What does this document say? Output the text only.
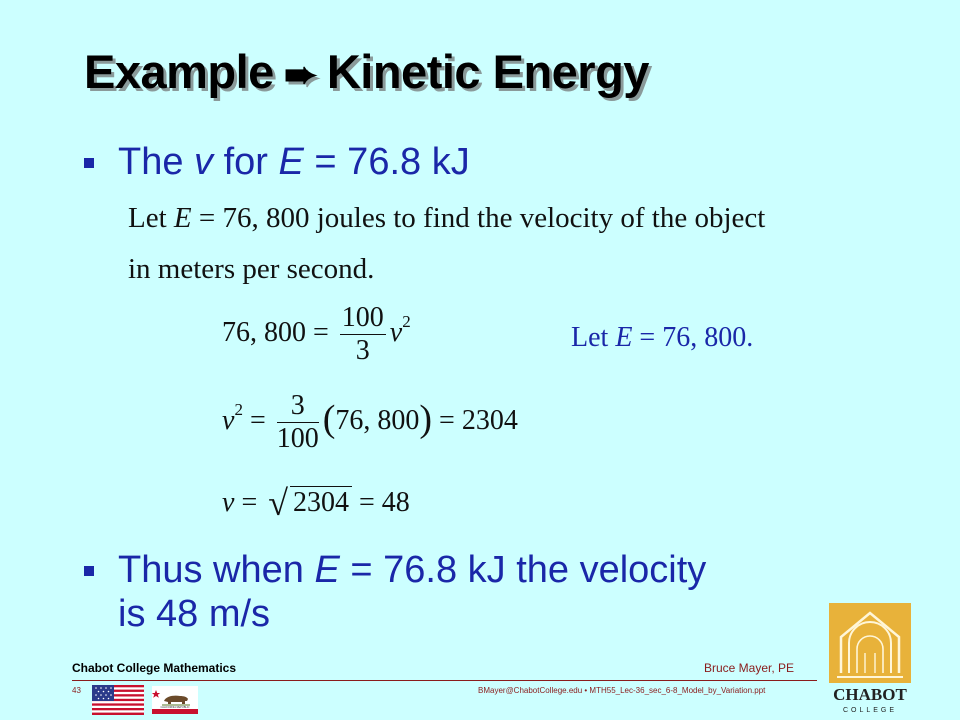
Example ➨ Kinetic Energy
The v for E = 76.8 kJ
Let E = 76, 800 joules to find the velocity of the object
in meters per second.
76, $800 = \frac{100}{3} v^2$
Let E = 76, 800.
$v^2 = \frac{3}{100} (76$, 800) = 2304
v = √ 2304 = 48
Thus when E = 76.8 kJ the velocity
is 48 m/s
Chabot College Mathematics	Bruce Mayer, PE
43	BMayer@ChabotCollege.edu • MTH55_Lec-36_sec_6-8_Model_by_Variation.ppt
CALIFORNIA REPUBLIC
CHABOT
COLLEGE
